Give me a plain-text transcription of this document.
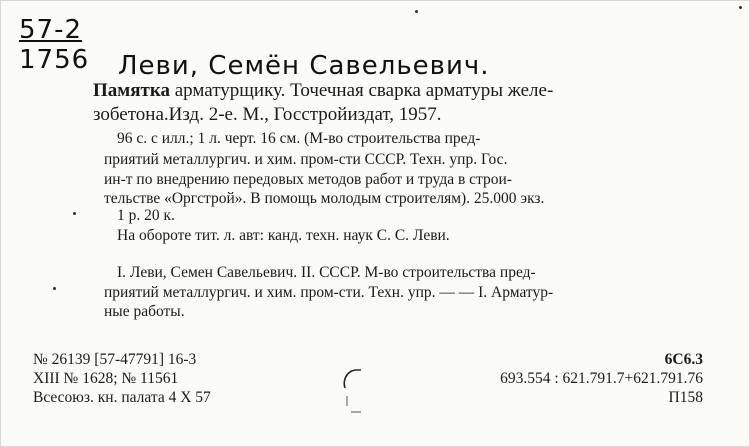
57-2
1756 Леви, Семён Савельевич.
Памятка арматурщику. Точечная сварка арматуры желе-
зобетона.Изд. 2-е. М., Госстройиздат, 1957.
96 с. с илл.; 1 л. черт. 16 см. (М-во строительства пред-
приятий металлургич. и хим. пром-сти СССР. Техн. упр. Гос.
ин-т по внедрению передовых методов работ и труда в строи-
тельстве «Оргстрой». В помощь молодым строителям). 25.000 экз.
1 р. 20 к.
На обороте тит. л. авт: канд. техн. наук С. С. Леви.
I. Леви, Семен Савельевич. II. СССР. М-во строительства пред-
приятий металлургич. и хим. пром-сти. Техн. упр. — — I. Арматур-
ные работы.
№ 26139 [57-47791] 16-3
XIII № 1628; № 11561
Всесоюз. кн. палата 4 X 57
6С6.3
693.554 : 621.791.7+621.791.76
П158
